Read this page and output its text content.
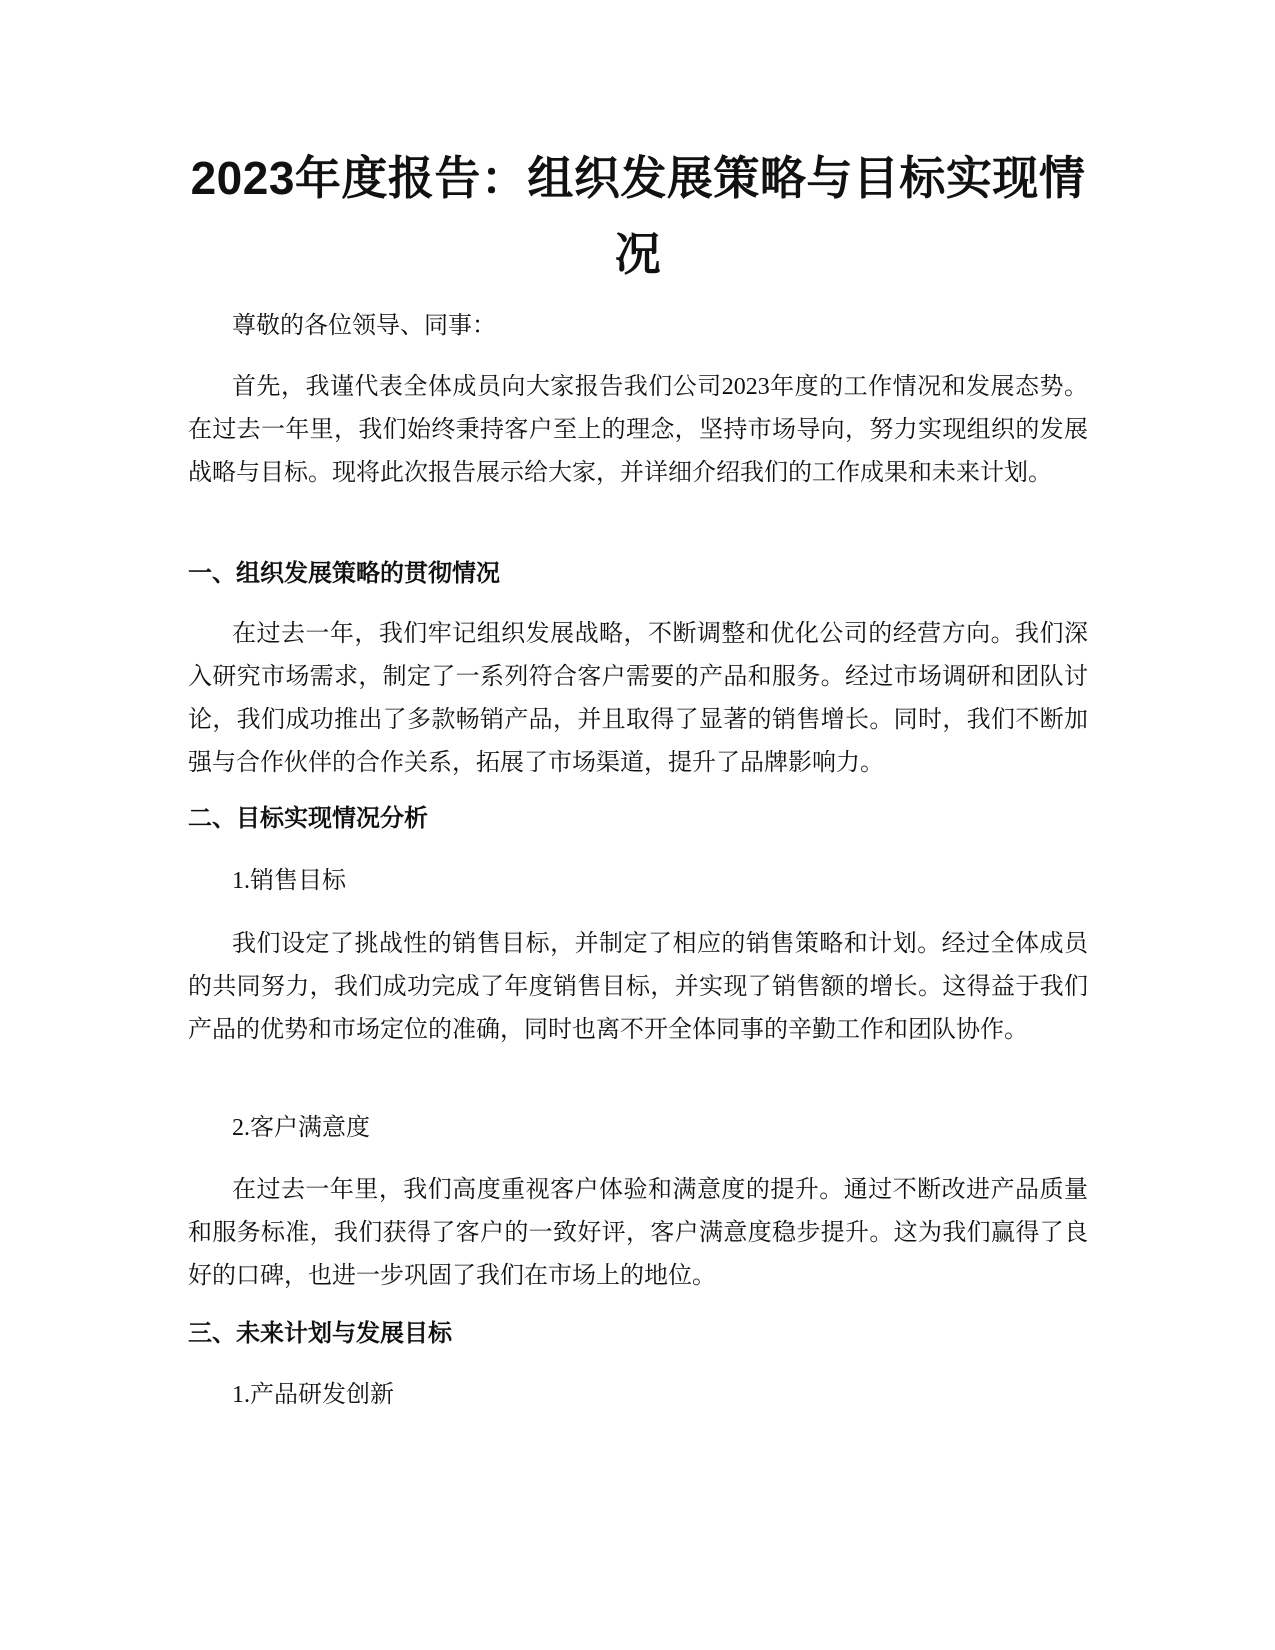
2023年度报告：组织发展策略与目标实现情况

尊敬的各位领导、同事：

首先，我谨代表全体成员向大家报告我们公司2023年度的工作情况和发展态势。在过去一年里，我们始终秉持客户至上的理念，坚持市场导向，努力实现组织的发展战略与目标。现将此次报告展示给大家，并详细介绍我们的工作成果和未来计划。

一、组织发展策略的贯彻情况

在过去一年，我们牢记组织发展战略，不断调整和优化公司的经营方向。我们深入研究市场需求，制定了一系列符合客户需要的产品和服务。经过市场调研和团队讨论，我们成功推出了多款畅销产品，并且取得了显著的销售增长。同时，我们不断加强与合作伙伴的合作关系，拓展了市场渠道，提升了品牌影响力。

二、目标实现情况分析

1.销售目标

我们设定了挑战性的销售目标，并制定了相应的销售策略和计划。经过全体成员的共同努力，我们成功完成了年度销售目标，并实现了销售额的增长。这得益于我们产品的优势和市场定位的准确，同时也离不开全体同事的辛勤工作和团队协作。

2.客户满意度

在过去一年里，我们高度重视客户体验和满意度的提升。通过不断改进产品质量和服务标准，我们获得了客户的一致好评，客户满意度稳步提升。这为我们赢得了良好的口碑，也进一步巩固了我们在市场上的地位。

三、未来计划与发展目标

1.产品研发创新
